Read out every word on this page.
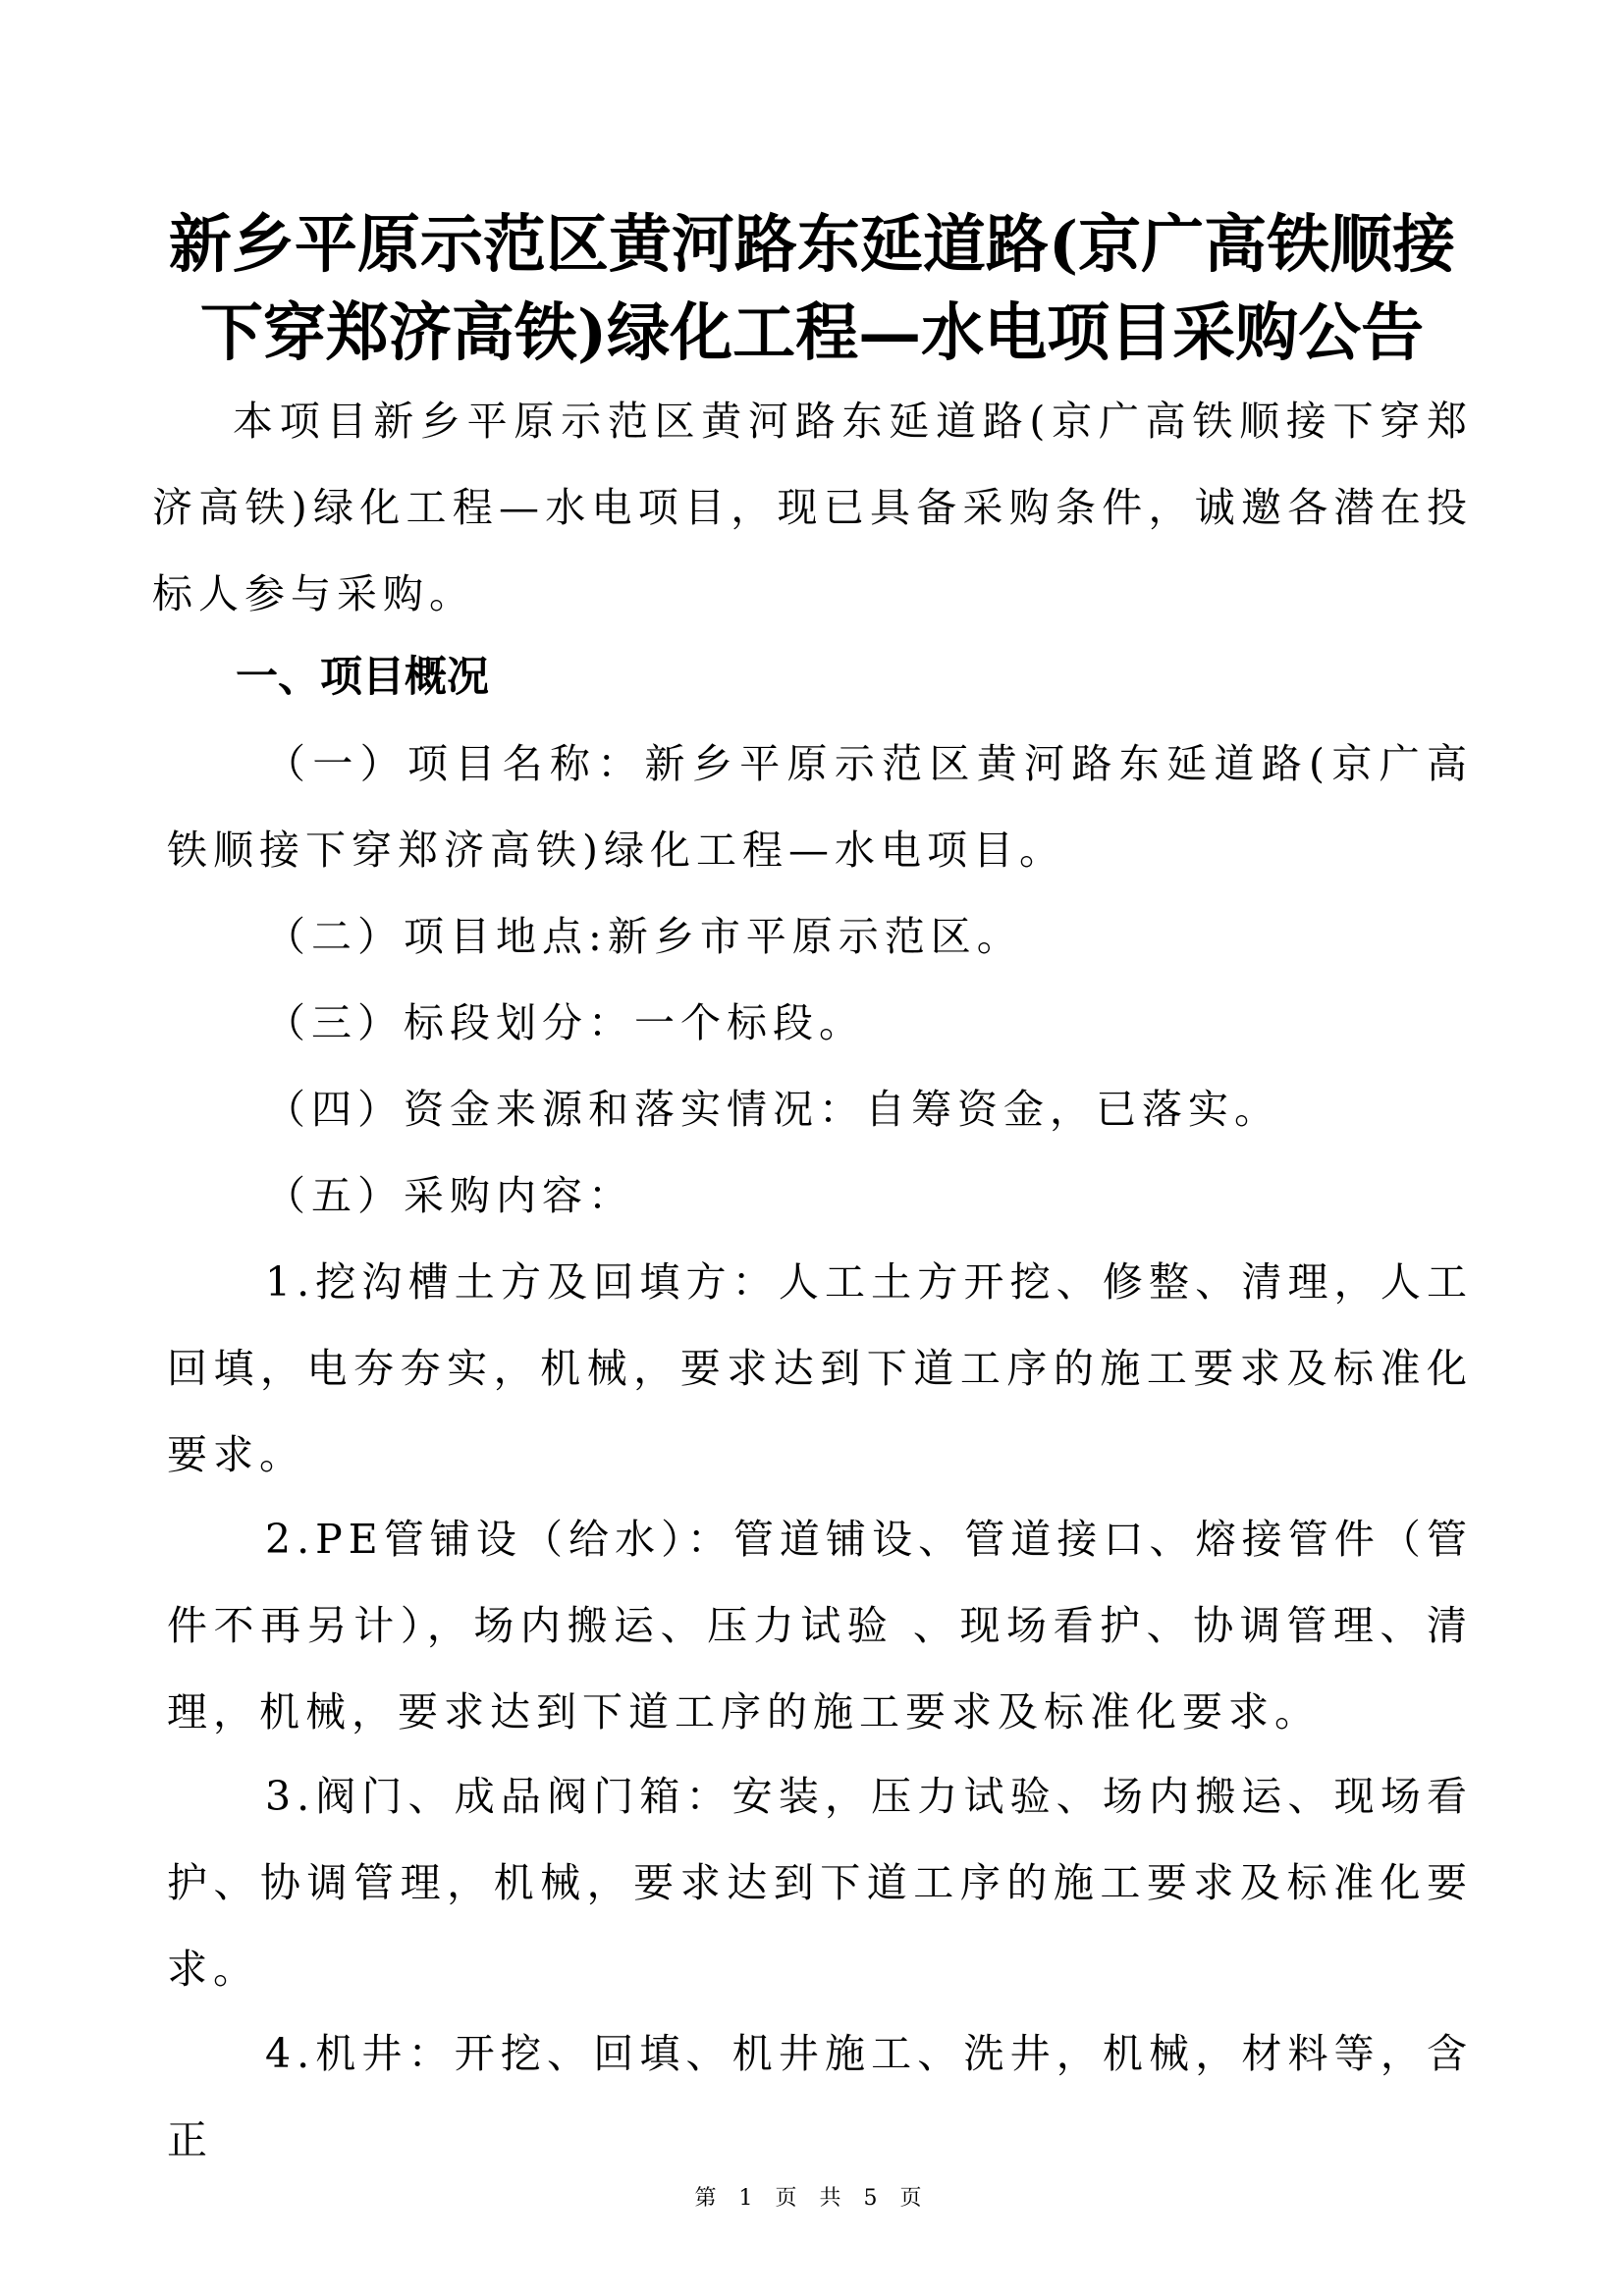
新乡平原示范区黄河路东延道路(京广高铁顺接下穿郑济高铁)绿化工程—水电项目采购公告

本项目新乡平原示范区黄河路东延道路(京广高铁顺接下穿郑济高铁)绿化工程—水电项目，现已具备采购条件，诚邀各潜在投标人参与采购。

一、项目概况

（一）项目名称：新乡平原示范区黄河路东延道路(京广高铁顺接下穿郑济高铁)绿化工程—水电项目。

（二）项目地点:新乡市平原示范区。

（三）标段划分：一个标段。

（四）资金来源和落实情况：自筹资金，已落实。

（五）采购内容：

1.挖沟槽土方及回填方：人工土方开挖、修整、清理，人工回填，电夯夯实，机械，要求达到下道工序的施工要求及标准化要求。

2.PE管铺设（给水）：管道铺设、管道接口、熔接管件（管件不再另计），场内搬运、压力试验 、现场看护、协调管理、清理，机械，要求达到下道工序的施工要求及标准化要求。

3.阀门、成品阀门箱：安装，压力试验、场内搬运、现场看护、协调管理，机械，要求达到下道工序的施工要求及标准化要求。

4.机井：开挖、回填、机井施工、洗井，机械，材料等，含正

第 1 页 共 5 页
